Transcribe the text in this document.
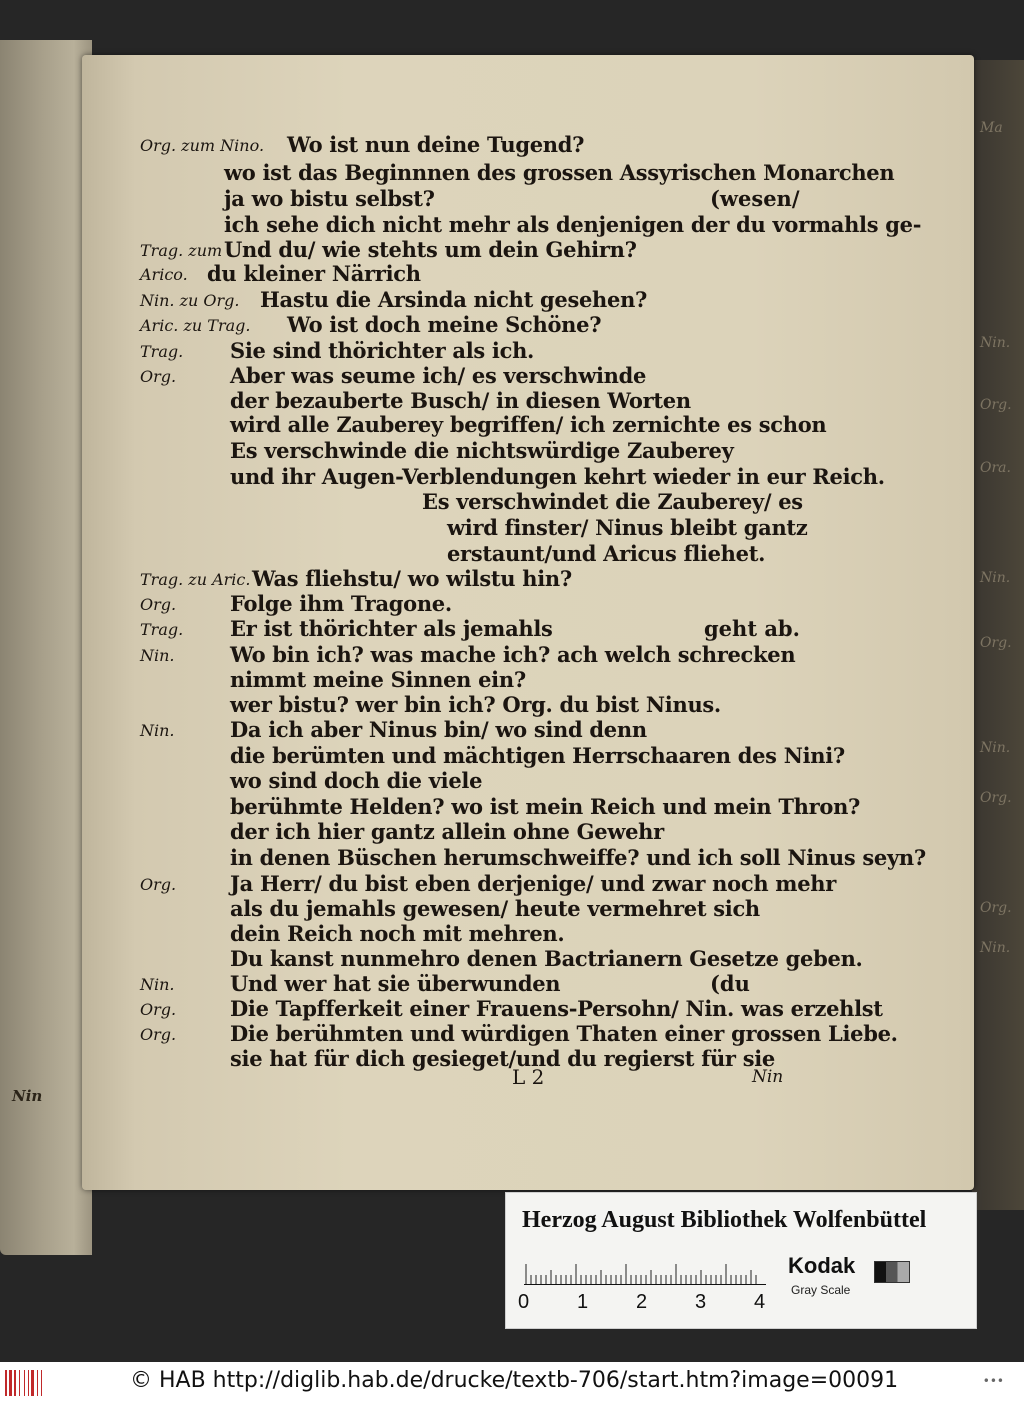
Nin
Ma
Nin.
Org.
Ora.
Nin.
Org.
Nin.
Org.
Org.
Nin.
Org. zum Nino. Wo ist nun deine Tugend?
wo ist das Beginnnen des grossen Assyrischen Monarchen
ja wo bistu selbst?	(wesen/
ich sehe dich nicht mehr als denjenigen der du vormahls ge-
Trag. zum Und du/ wie stehts um dein Gehirn?
Arico. du kleiner Närrich
Nin. zu Org. Hastu die Arsinda nicht gesehen?
Aric. zu Trag. Wo ist doch meine Schöne?
Trag. Sie sind thörichter als ich.
Org.	Aber was seume ich/ es verschwinde
der bezauberte Busch/ in diesen Worten
wird alle Zauberey begriffen/ ich zernichte es schon
Es verschwinde die nichtswürdige Zauberey
und ihr Augen-Verblendungen kehrt wieder in eur Reich.
Es verschwindet die Zauberey/ es
wird finster/ Ninus bleibt gantz
erstaunt/und Aricus fliehet.
Trag. zu Aric. Was fliehstu/ wo wilstu hin?
Org.	Folge ihm Tragone.
Trag. Er ist thörichter als jemahls	geht ab.
Nin.	Wo bin ich? was mache ich? ach welch schrecken
nimmt meine Sinnen ein?
wer bistu? wer bin ich? Org. du bist Ninus.
Nin.	Da ich aber Ninus bin/ wo sind denn
die berümten und mächtigen Herrschaaren des Nini?
wo sind doch die viele
berühmte Helden? wo ist mein Reich und mein Thron?
der ich hier gantz allein ohne Gewehr
in denen Büschen herumschweiffe? und ich soll Ninus seyn?
Org.	Ja Herr/ du bist eben derjenige/ und zwar noch mehr
als du jemahls gewesen/ heute vermehret sich
dein Reich noch mit mehren.
Du kanst nunmehro denen Bactrianern Gesetze geben.
Nin.	Und wer hat sie überwunden	(du
Org.	Die Tapfferkeit einer Frauens-Persohn/ Nin. was erzehlst
Org.	Die berühmten und würdigen Thaten einer grossen Liebe.
sie hat für dich gesieget/und du regierst für sie
L 2	Nin
Herzog August Bibliothek Wolfenbüttel
0 1 2 3 4
Kodak
Gray Scale
© HAB http://diglib.hab.de/drucke/textb-706/start.htm?image=00091	•••
